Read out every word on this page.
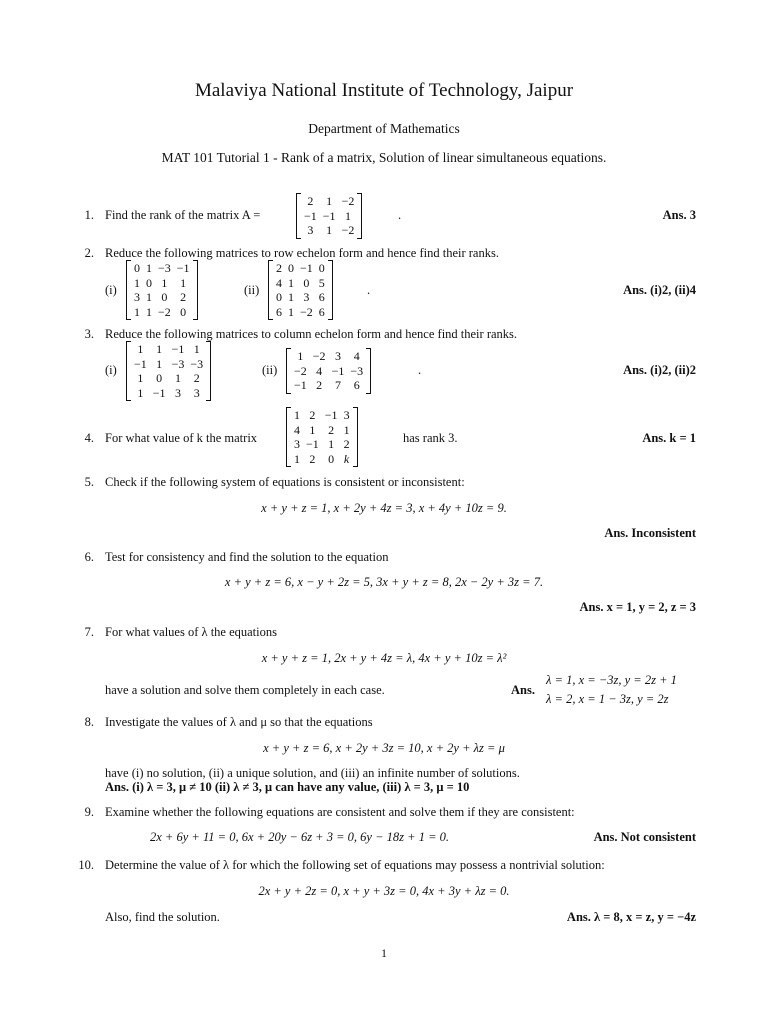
Malaviya National Institute of Technology, Jaipur
Department of Mathematics
MAT 101 Tutorial 1 - Rank of a matrix, Solution of linear simultaneous equations.
1. Find the rank of the matrix A =
2	1	−2
−1	−1	1
3	1	−2
.	Ans. 3
2. Reduce the following matrices to row echelon form and hence find their ranks.
(i)
0	1	−3	−1
1	0	1	1
3	1	0	2
1	1	−2	0
(ii)
2	0	−1	0
4	1	0	5
0	1	3	6
6	1	−2	6
.	Ans. (i)2, (ii)4
3. Reduce the following matrices to column echelon form and hence find their ranks.
(i)
1	1	−1	1
−1	1	−3	−3
1	0	1	2
1	−1	3	3
(ii)
1	−2	3	4
−2	4	−1	−3
−1	2	7	6
.	Ans. (i)2, (ii)2
4. For what value of k the matrix
1	2	−1	3
4	1	2	1
3	−1	1	2
1	2	0	k
has rank 3.	Ans. k = 1
5. Check if the following system of equations is consistent or inconsistent:
x + y + z = 1, x + 2y + 4z = 3, x + 4y + 10z = 9.
Ans. Inconsistent
6. Test for consistency and find the solution to the equation
x + y + z = 6, x − y + 2z = 5, 3x + y + z = 8, 2x − 2y + 3z = 7.
Ans. x = 1, y = 2, z = 3
7. For what values of λ the equations
x + y + z = 1, 2x + y + 4z = λ, 4x + y + 10z = λ²
have a solution and solve them completely in each case.	Ans.
λ = 1, x = −3z, y = 2z + 1
λ = 2, x = 1 − 3z, y = 2z
8. Investigate the values of λ and μ so that the equations
x + y + z = 6, x + 2y + 3z = 10, x + 2y + λz = μ
have (i) no solution, (ii) a unique solution, and (iii) an infinite number of solutions.
Ans. (i) λ = 3, μ ≠ 10 (ii) λ ≠ 3, μ can have any value, (iii) λ = 3, μ = 10
9. Examine whether the following equations are consistent and solve them if they are consistent:
2x + 6y + 11 = 0, 6x + 20y − 6z + 3 = 0, 6y − 18z + 1 = 0.	Ans. Not consistent
10. Determine the value of λ for which the following set of equations may possess a nontrivial solution:
2x + y + 2z = 0, x + y + 3z = 0, 4x + 3y + λz = 0.
Also, find the solution.	Ans. λ = 8, x = z, y = −4z
1
